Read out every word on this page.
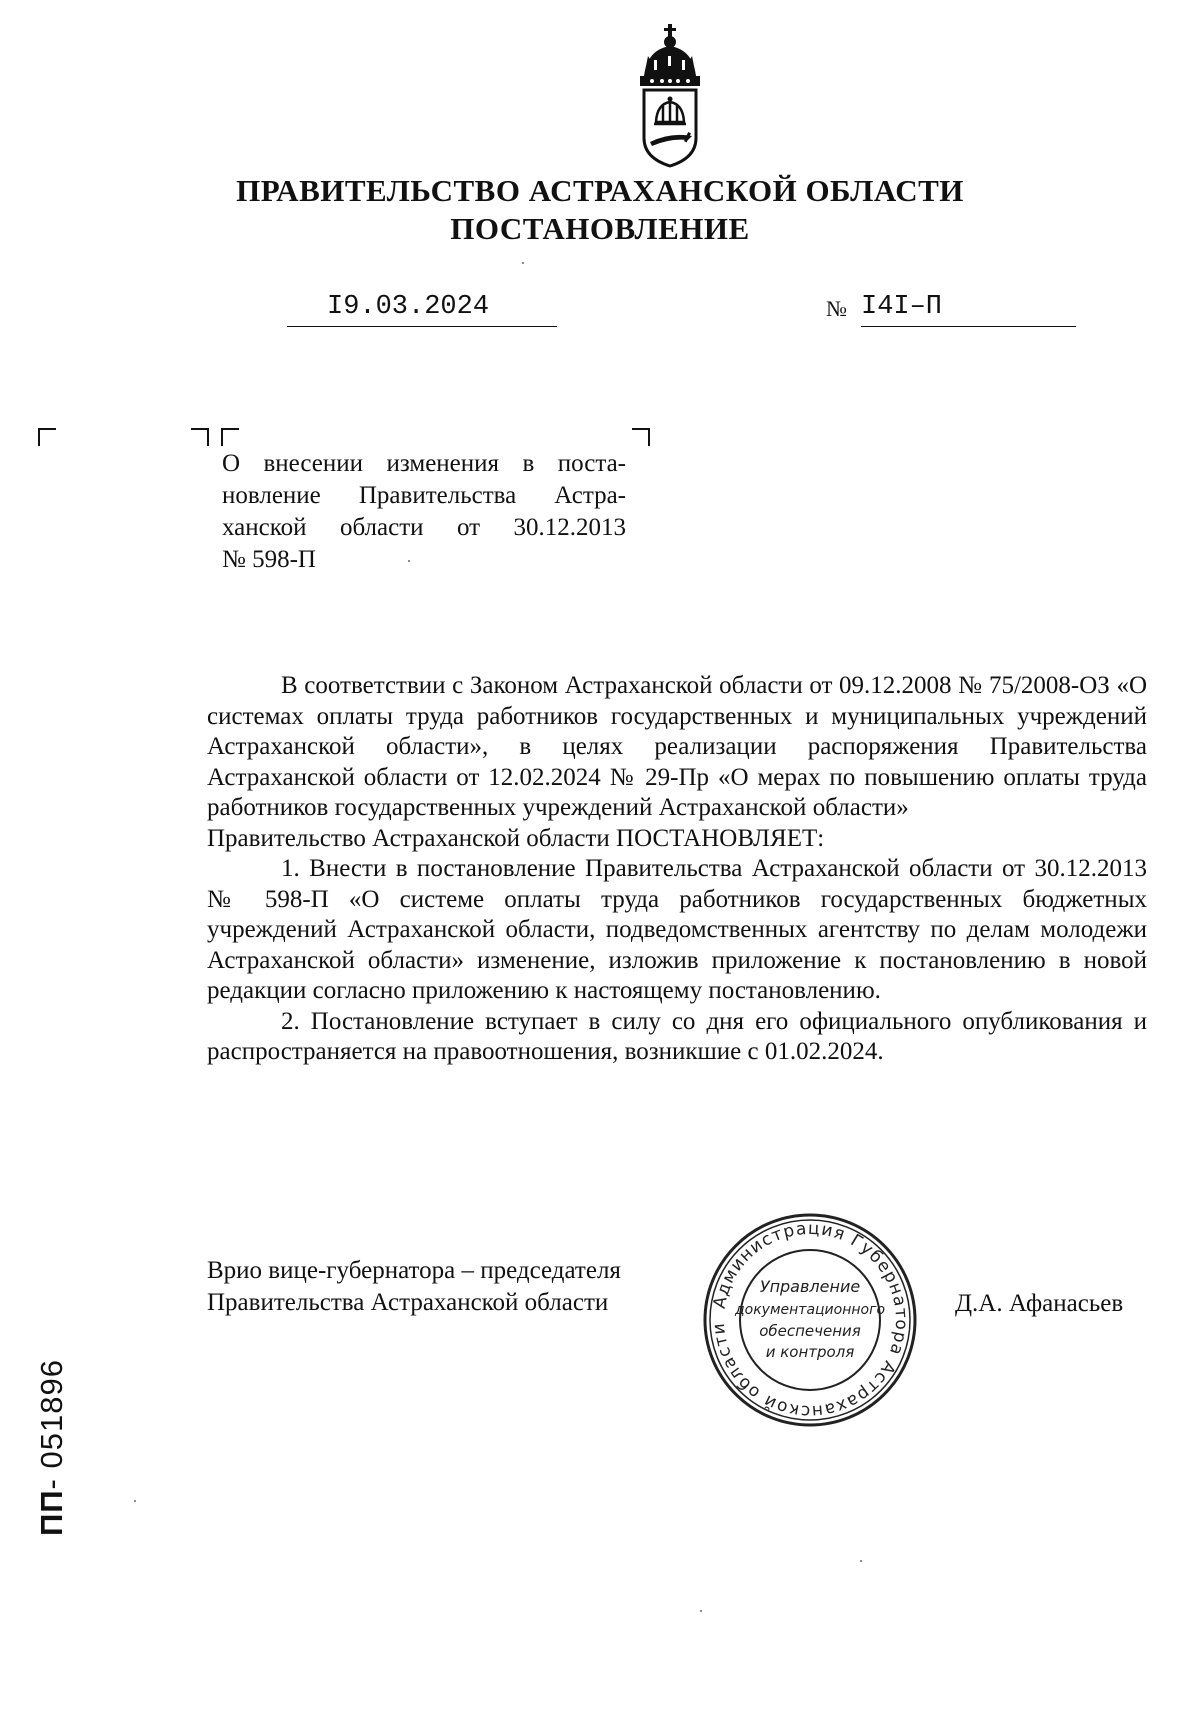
ПРАВИТЕЛЬСТВО АСТРАХАНСКОЙ ОБЛАСТИ
ПОСТАНОВЛЕНИЕ
I9.03.2024	№ I4I–П
О внесении изменения в поста-
новление Правительства Астра-
ханской области от 30.12.2013
№ 598-П

В соответствии с Законом Астраханской области от 09.12.2008 № 75/2008-ОЗ «О системах оплаты труда работников государственных и муниципальных учреждений Астраханской области», в целях реализации распоряжения Правительства Астраханской области от 12.02.2024 № 29-Пр «О мерах по повышению оплаты труда работников государственных учреждений Астраханской области»

Правительство Астраханской области ПОСТАНОВЛЯЕТ:

1. Внести в постановление Правительства Астраханской области от 30.12.2013 № 598-П «О системе оплаты труда работников государственных бюджетных учреждений Астраханской области, подведомственных агентству по делам молодежи Астраханской области» изменение, изложив приложение к постановлению в новой редакции согласно приложению к настоящему постановлению.

2. Постановление вступает в силу со дня его официального опубликования и распространяется на правоотношения, возникшие с 01.02.2024.

Врио вице-губернатора – председателя
Правительства Астраханской области	Д.А. Афанасьев
Администрация Губернатора Астраханской области
Управление
документационного
обеспечения
и контроля
ПП- 051896
